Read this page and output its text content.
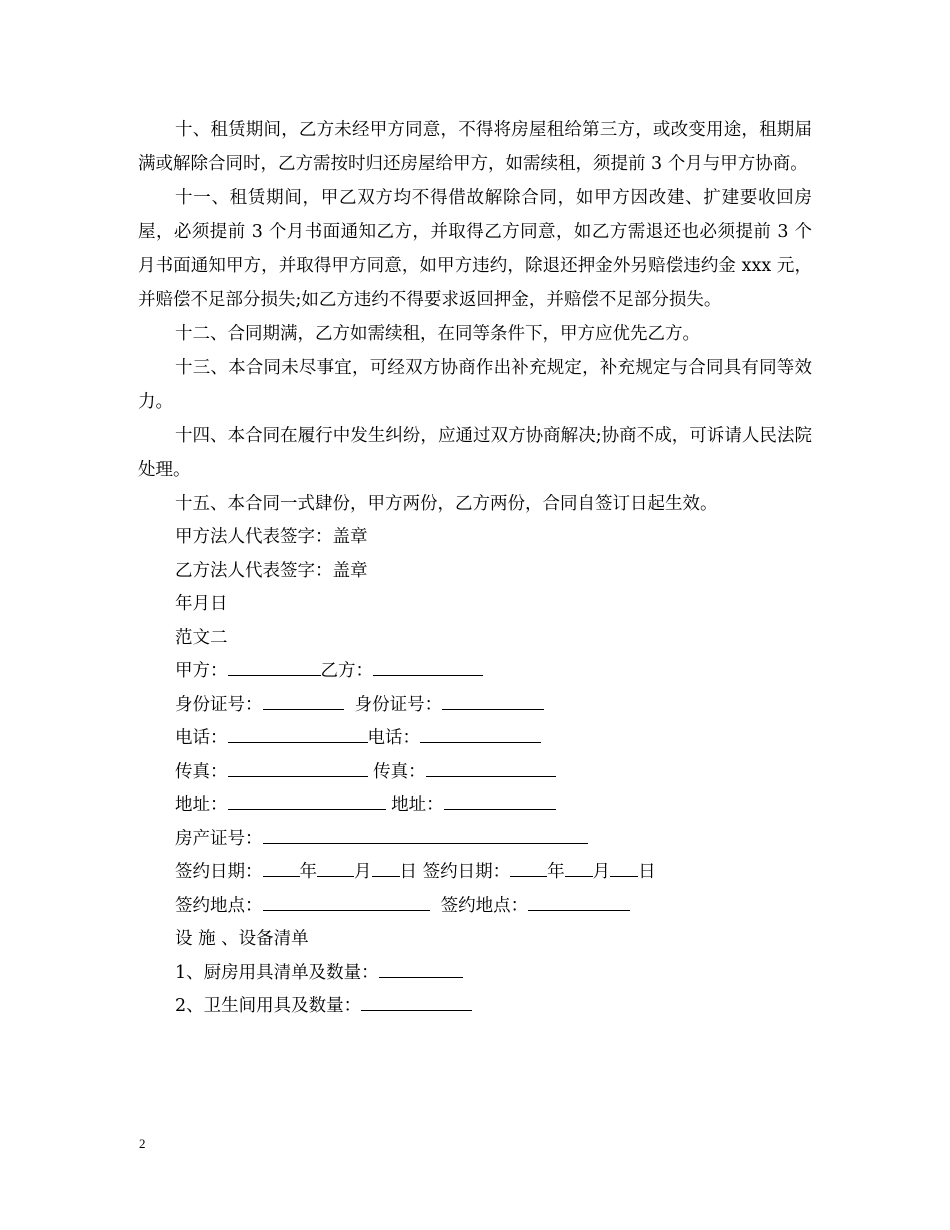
十、租赁期间，乙方未经甲方同意，不得将房屋租给第三方，或改变用途，租期届满或解除合同时，乙方需按时归还房屋给甲方，如需续租，须提前 3 个月与甲方协商。

十一、租赁期间，甲乙双方均不得借故解除合同，如甲方因改建、扩建要收回房屋，必须提前 3 个月书面通知乙方，并取得乙方同意，如乙方需退还也必须提前 3 个月书面通知甲方，并取得甲方同意，如甲方违约，除退还押金外另赔偿违约金 xxx 元，并赔偿不足部分损失;如乙方违约不得要求返回押金，并赔偿不足部分损失。

十二、合同期满，乙方如需续租，在同等条件下，甲方应优先乙方。

十三、本合同未尽事宜，可经双方协商作出补充规定，补充规定与合同具有同等效力。

十四、本合同在履行中发生纠纷，应通过双方协商解决;协商不成，可诉请人民法院处理。

十五、本合同一式肆份，甲方两份，乙方两份，合同自签订日起生效。

甲方法人代表签字：盖章

乙方法人代表签字：盖章

年月日

范文二

甲方：	乙方：

身份证号：	身份证号：

电话：	电话：

传真：	传真：

地址：	地址：

房产证号：

签约日期： 年 月 日 签约日期： 年 月 日

签约地点：	签约地点：

设 施 、设备清单

1、厨房用具清单及数量：

2、卫生间用具及数量：

2
